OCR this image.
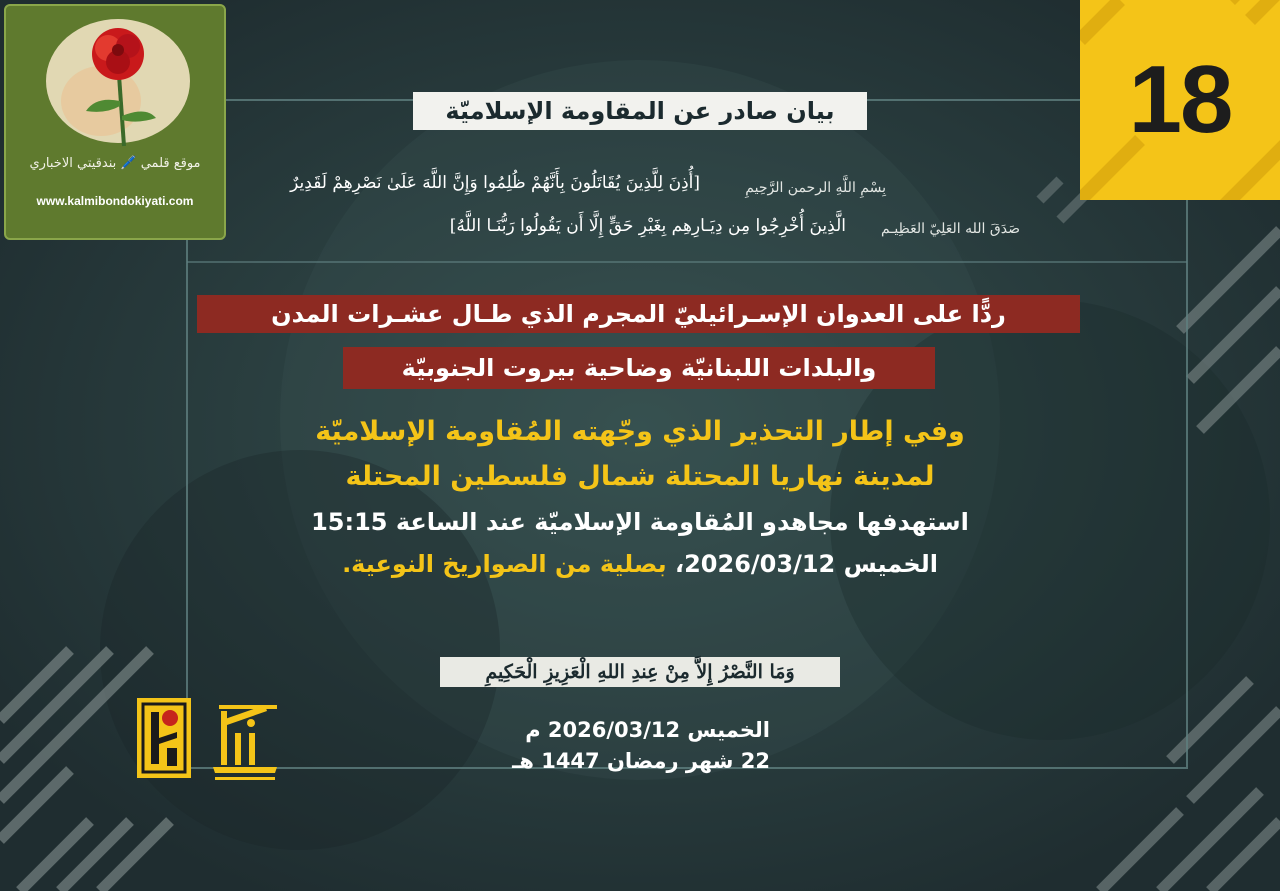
موقع قلمي 🖊️ بندقيتي الاخباري
www.kalmibondokiyati.com
18
بيان صادر عن المقاومة الإسلاميّة
بِسْمِ اللَّهِ الرحمن الرَّحِيمِ
[أُذِنَ لِلَّذِينَ يُقَاتَلُونَ بِأَنَّهُمْ ظُلِمُوا وَإِنَّ اللَّهَ عَلَىٰ نَصْرِهِمْ لَقَدِيرٌ
صَدَقَ الله العَلِيّ العَظِيـم
الَّذِينَ أُخْرِجُوا مِن دِيَـارِهِم بِغَيْرِ حَقٍّ إِلَّا أَن يَقُولُوا رَبُّنَـا اللَّهُ]
ردًّا على العدوان الإسـرائيليّ المجرم الذي طـال عشـرات المدن
والبلدات اللبنانيّة وضاحية بيروت الجنوبيّة
وفي إطار التحذير الذي وجّهته المُقاومة الإسلاميّة
لمدينة نهاريا المحتلة شمال فلسطين المحتلة
استهدفها مجاهدو المُقاومة الإسلاميّة عند الساعة 15:15
الخميس 2026/03/12، بصلية من الصواريخ النوعية.
وَمَا النَّصْرُ إِلاَّ مِنْ عِندِ اللهِ الْعَزِيزِ الْحَكِيمِ
الخميس 2026/03/12 م
22 شهر رمضان 1447 هـ
